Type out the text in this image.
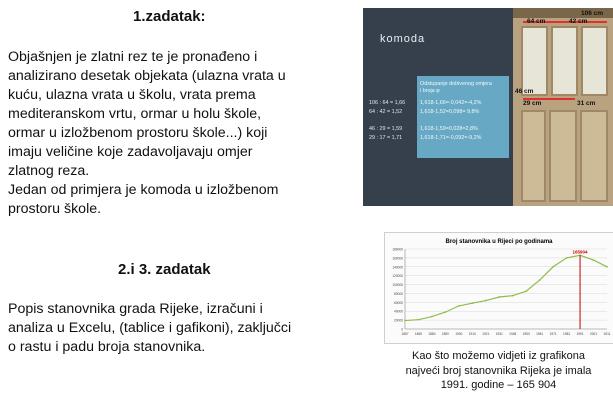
1.zadatak:
Objašnjen je zlatni rez te je pronađeno i
analizirano desetak objekata (ulazna vrata u
kuću, ulazna vrata u školu, vrata prema
mediteranskom vrtu, ormar u holu škole,
ormar u izložbenom prostoru škole...) koji
imaju veličine koje zadavoljavaju omjer
zlatnog reza.
Jedan od primjera je komoda u izložbenom
prostoru škole.
2.i 3. zadatak
Popis stanovnika grada Rijeke, izračuni i
analiza u Excelu, (tablice i gafikoni), zaključci
o rastu i padu broja stanovnika.
komoda
106 : 64 = 1,66
64 : 42 = 1,52
46 : 29 = 1,59
29 : 17 = 1,71
Odstupanje dobivenog omjera
i broja φ
1,618-1,66=-0,042=-4,2%
1,618-1,52=0,098= 9,8%
1,618-1,59=0,028=2,8%
1,618-1,71=-0,092=-9,2%
106 cm
64 cm	42 cm
46 cm
29 cm	31 cm
Broj stanovnika u Rijeci po godinama
0
20000
40000
60000
80000
100000
120000
140000
160000
180000
1857 1869 1880 1890 1900 1910 1921 1931 1948 1953 1961 1971 1981 1991 2001 2011
165904
Kao što možemo vidjeti iz grafikona
najveći broj stanovnika Rijeka je imala
1991. godine – 165 904
